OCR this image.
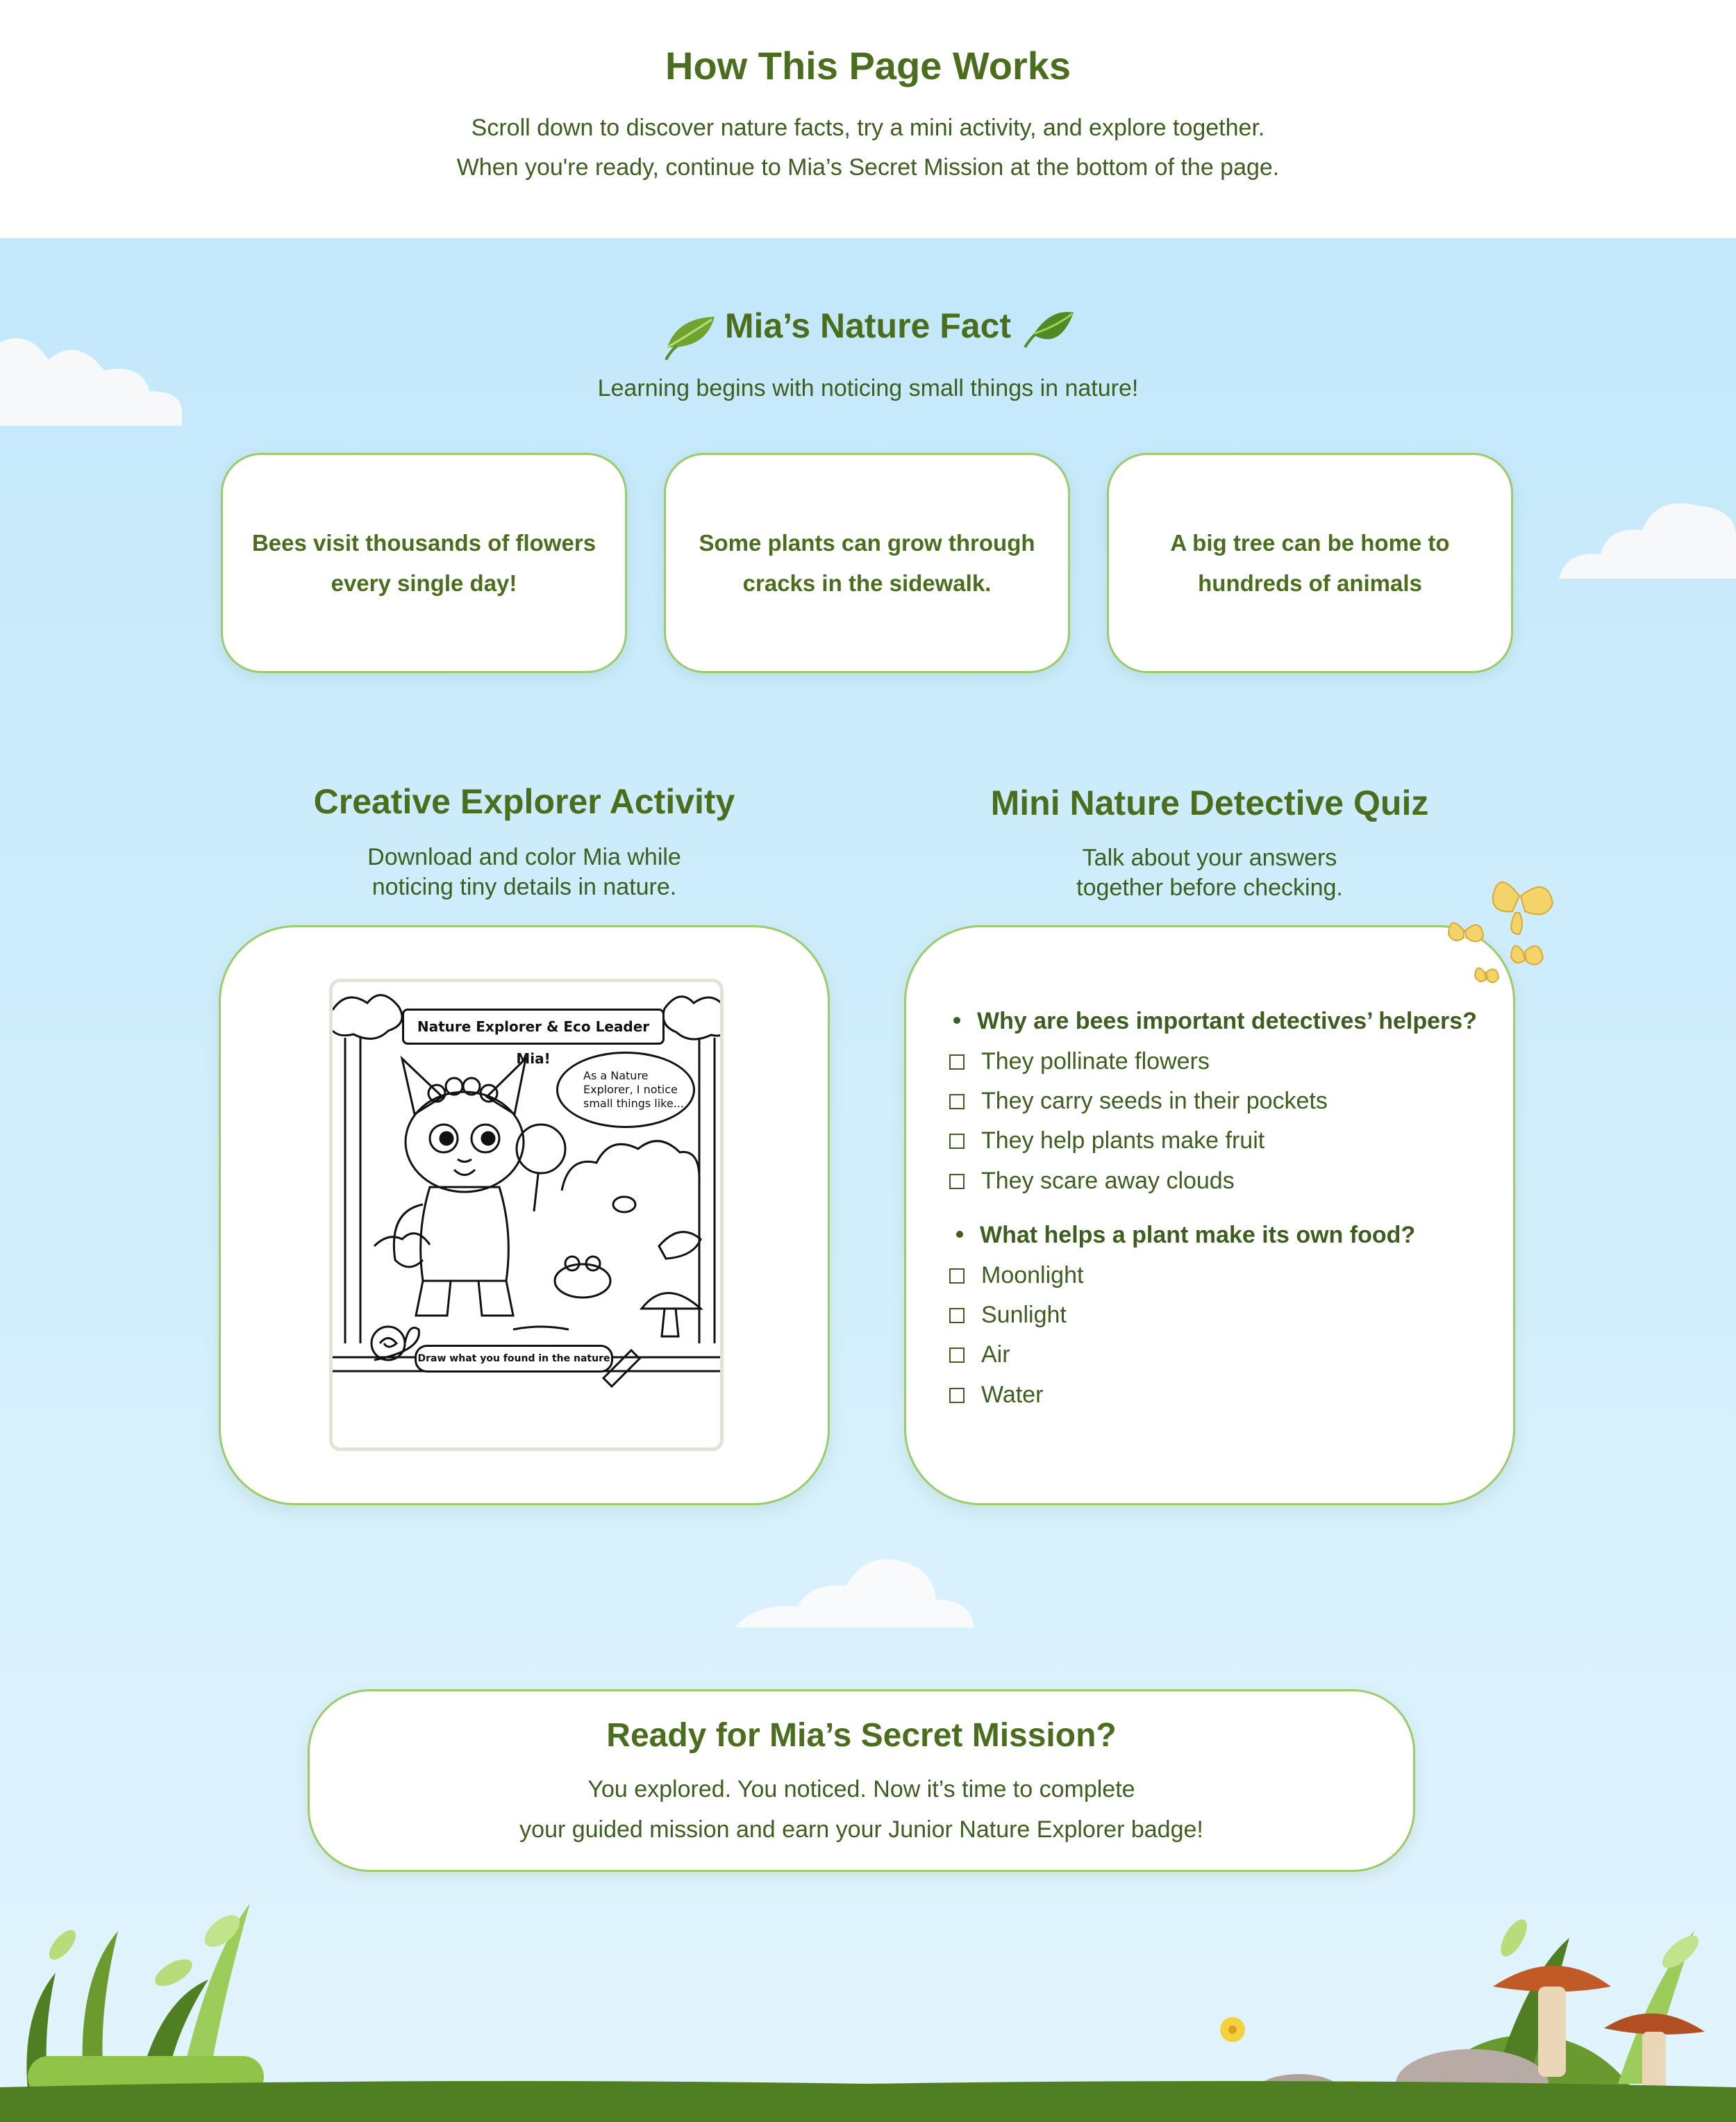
How This Page Works

Scroll down to discover nature facts, try a mini activity, and explore together.

When you're ready, continue to Mia’s Secret Mission at the bottom of the page.

Mia’s Nature Fact

Learning begins with noticing small things in nature!

Bees visit thousands of flowers every single day!

Some plants can grow through cracks in the sidewalk.

A big tree can be home to hundreds of animals

Creative Explorer Activity

Download and color Mia while

noticing tiny details in nature.

Nature Explorer & Eco Leader Mia!
As a Nature Explorer, I notice small things like...
Draw what you found in the nature
Mini Nature Detective Quiz

Talk about your answers

together before checking.

Why are bees important detectives’ helpers?

They pollinate flowers
They carry seeds in their pockets
They help plants make fruit
They scare away clouds

What helps a plant make its own food?

Moonlight
Sunlight
Air
Water
Ready for Mia’s Secret Mission?

You explored. You noticed. Now it’s time to complete

your guided mission and earn your Junior Nature Explorer badge!
